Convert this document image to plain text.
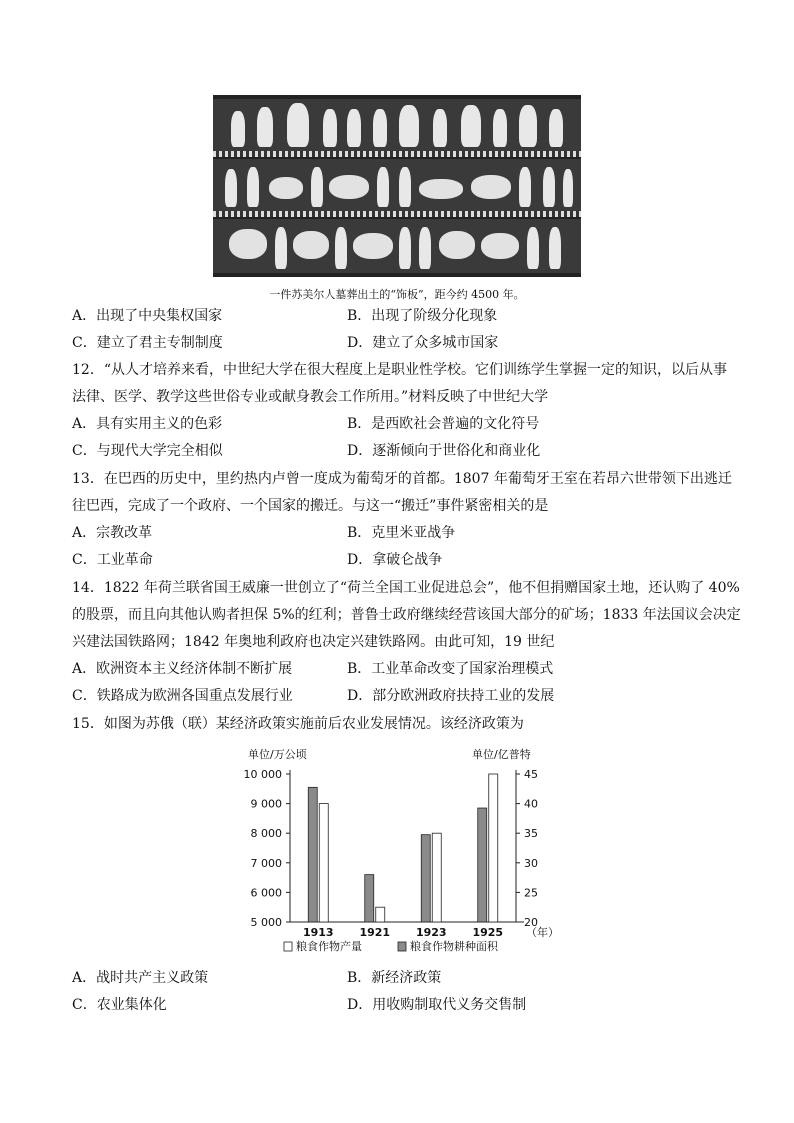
一件苏美尔人墓葬出土的“饰板”，距今约 4500 年。
A．出现了中央集权国家	B．出现了阶级分化现象
C．建立了君主专制制度	D．建立了众多城市国家
12．“从人才培养来看，中世纪大学在很大程度上是职业性学校。它们训练学生掌握一定的知识，以后从事
法律、医学、教学这些世俗专业或献身教会工作所用。”材料反映了中世纪大学
A．具有实用主义的色彩	B．是西欧社会普遍的文化符号
C．与现代大学完全相似	D．逐渐倾向于世俗化和商业化
13．在巴西的历史中，里约热内卢曾一度成为葡萄牙的首都。1807 年葡萄牙王室在若昂六世带领下出逃迁
往巴西，完成了一个政府、一个国家的搬迁。与这一“搬迁”事件紧密相关的是
A．宗教改革	B．克里米亚战争
C．工业革命	D．拿破仑战争
14．1822 年荷兰联省国王威廉一世创立了“荷兰全国工业促进总会”，他不但捐赠国家土地，还认购了 40%
的股票，而且向其他认购者担保 5%的红利；普鲁士政府继续经营该国大部分的矿场；1833 年法国议会决定
兴建法国铁路网；1842 年奥地利政府也决定兴建铁路网。由此可知，19 世纪
A．欧洲资本主义经济体制不断扩展	B．工业革命改变了国家治理模式
C．铁路成为欧洲各国重点发展行业	D．部分欧洲政府扶持工业的发展
15．如图为苏俄（联）某经济政策实施前后农业发展情况。该经济政策为
5 000
6 000
7 000
8 000
9 000
10 000
20
25
30
35
40
45
单位/万公顷	单位/亿普特
1913 1921 1923 1925 （年）
粮食作物产量	粮食作物耕种面积
A．战时共产主义政策	B．新经济政策
C．农业集体化	D．用收购制取代义务交售制
